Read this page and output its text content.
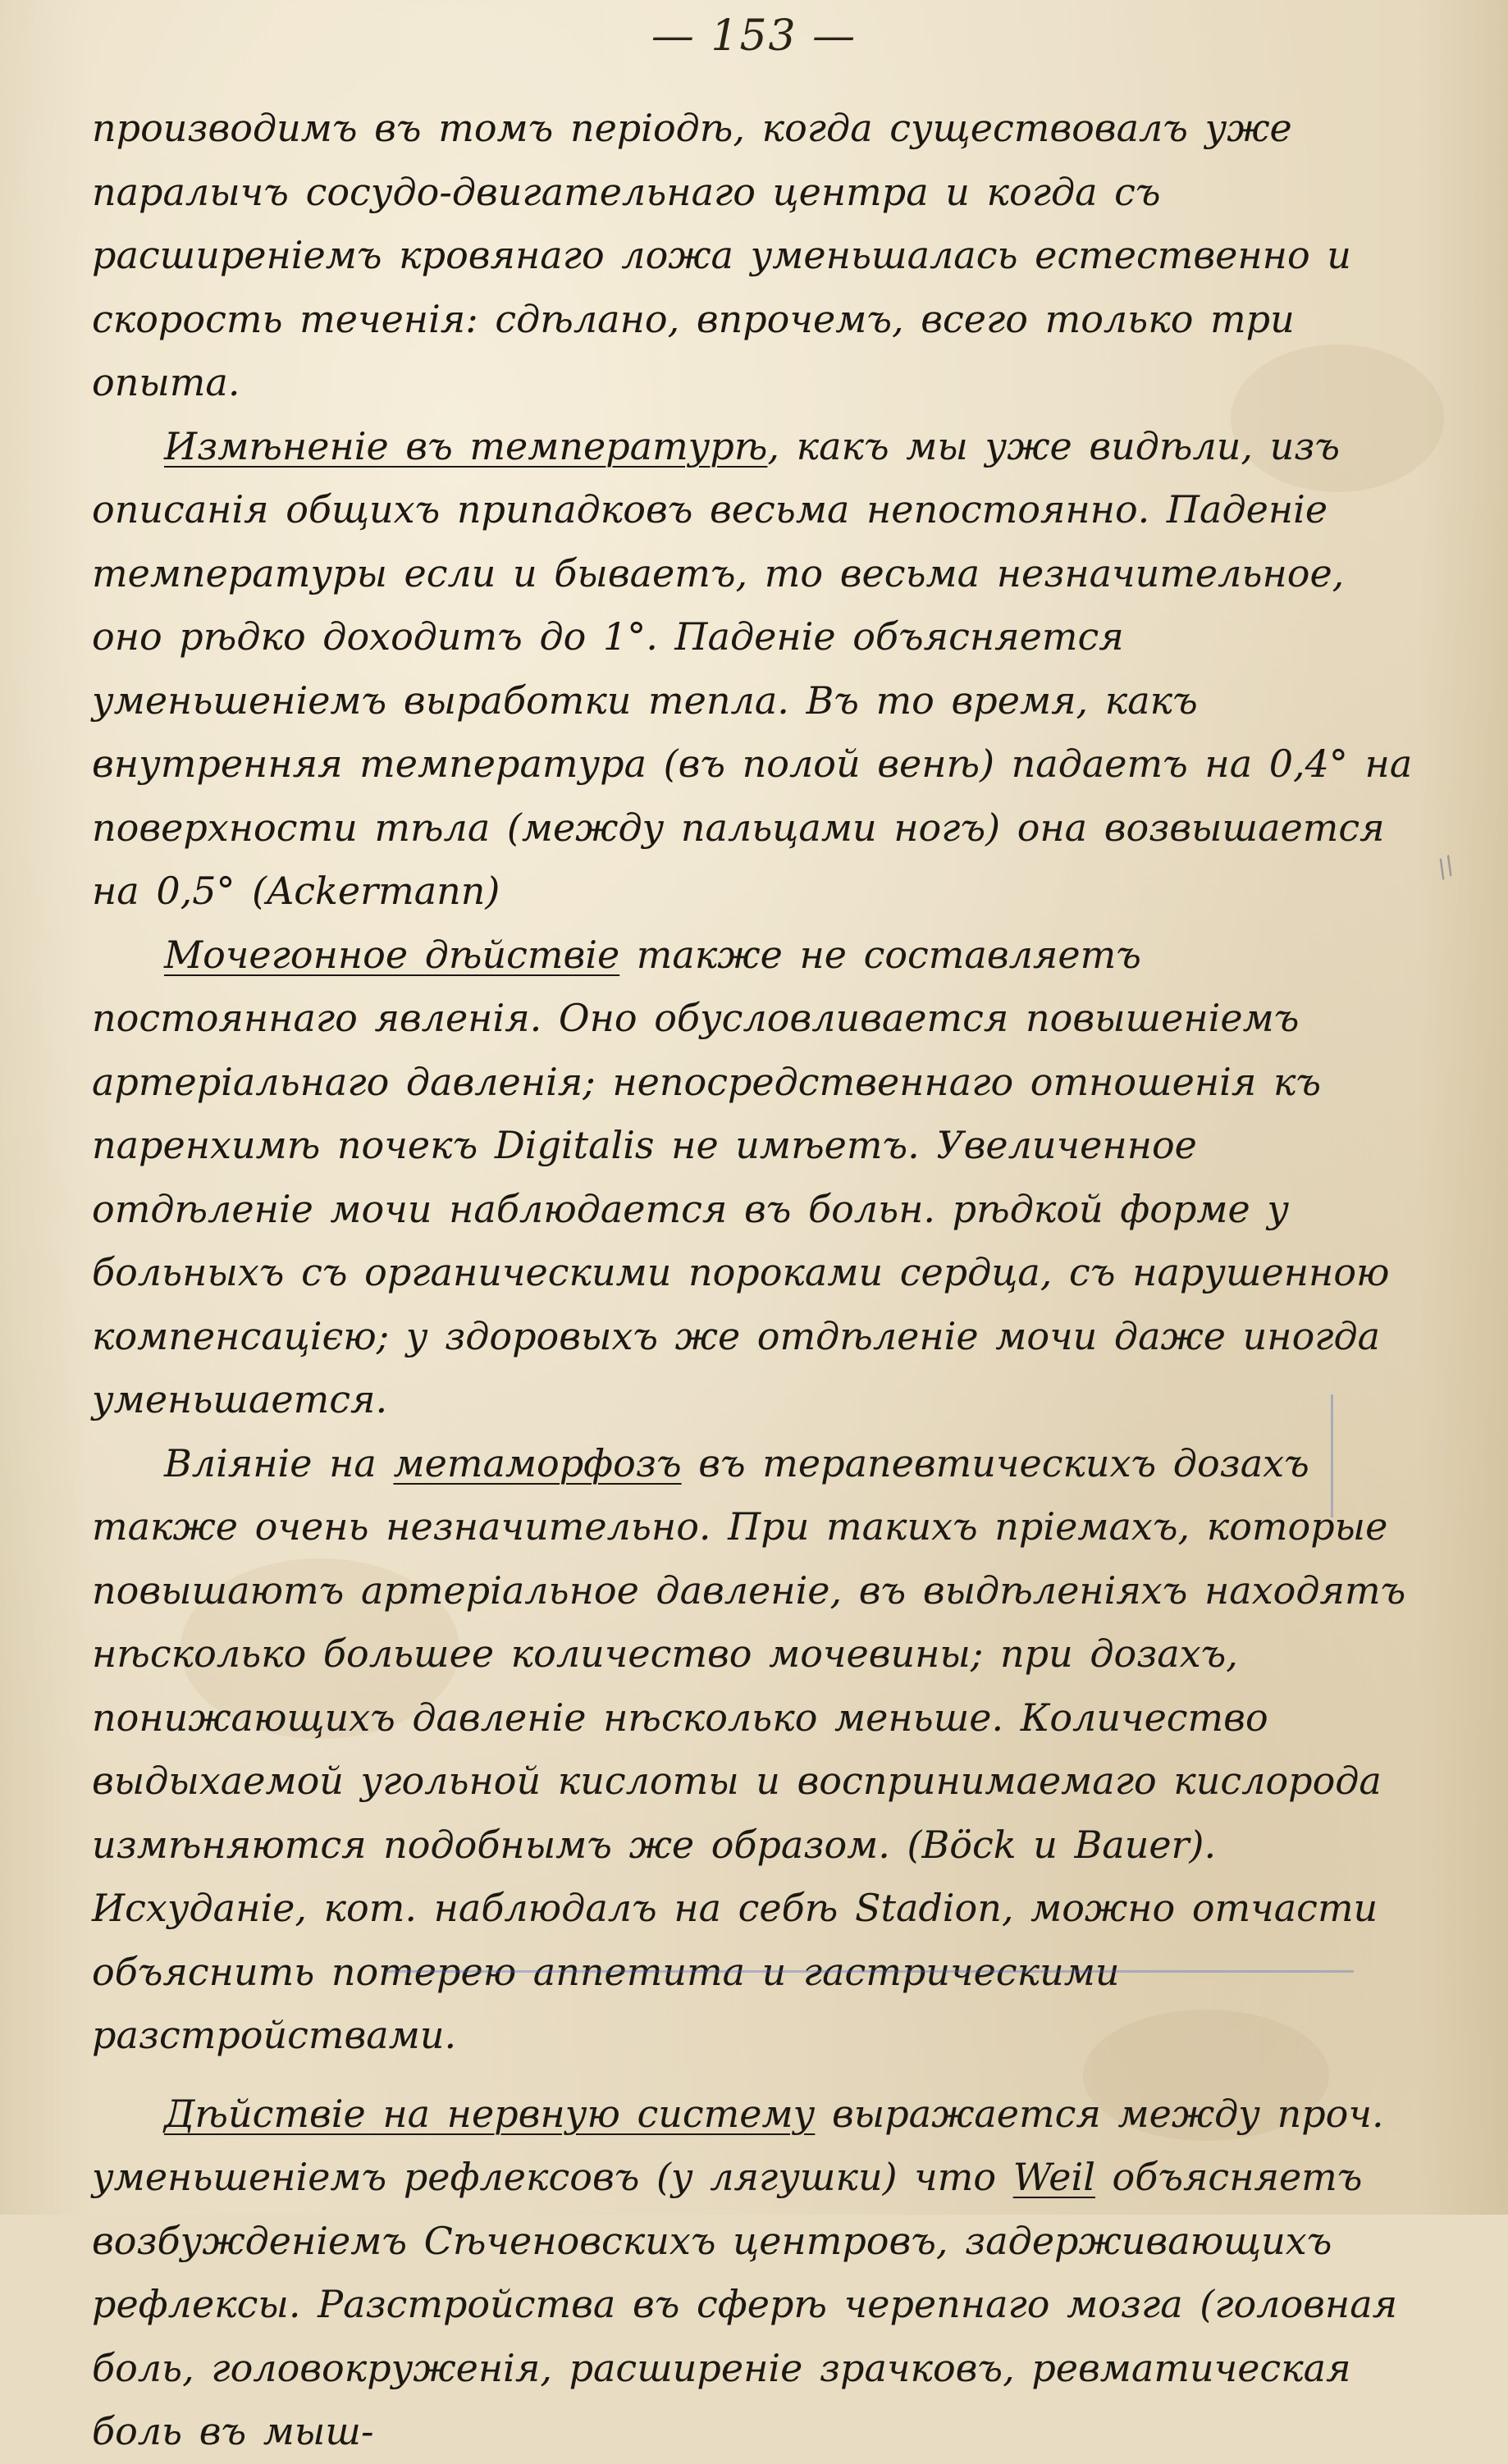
— 153 —

производимъ въ томъ періодѣ, когда существовалъ уже паралычъ сосудо-двигательнаго центра и когда съ расширеніемъ кровянаго ложа уменьшалась естественно и скорость теченія: сдѣлано, впрочемъ, всего только три опыта.

Измѣненіе въ температурѣ, какъ мы уже видѣли, изъ описанія общихъ припадковъ весьма непостоянно. Паденіе температуры если и бываетъ, то весьма незначительное, оно рѣдко доходитъ до 1°. Паденіе объясняется уменьшеніемъ выработки тепла. Въ то время, какъ внутренняя температура (въ полой венѣ) падаетъ на 0,4° на поверхности тѣла (между пальцами ногъ) она возвышается на 0,5° (Ackermann)

Мочегонное дѣйствіе также не составляетъ постояннаго явленія. Оно обусловливается повышеніемъ артеріальнаго давленія; непосредственнаго отношенія къ паренхимѣ почекъ Digitalis не имѣетъ. Увеличенное отдѣленіе мочи наблюдается въ больн. рѣдкой форме у больныхъ съ органическими пороками сердца, съ нарушенною компенсацією; у здоровыхъ же отдѣленіе мочи даже иногда уменьшается.

Вліяніе на метаморфозъ въ терапевтическихъ дозахъ также очень незначительно. При такихъ пріемахъ, которые повышаютъ артеріальное давленіе, въ выдѣленіяхъ находятъ нѣсколько большее количество мочевины; при дозахъ, понижающихъ давленіе нѣсколько меньше. Количество выдыхаемой угольной кислоты и воспринимаемаго кислорода измѣняются подобнымъ же образом. (Böck и Bauer). Исхуданіе, кот. наблюдалъ на себѣ Stadion, можно отчасти объяснить потерею аппетита и гастрическими разстройствами.

Дѣйствіе на нервную систему выражается между проч. уменьшеніемъ рефлексовъ (у лягушки) что Weil объясняетъ возбужденіемъ Сѣченовскихъ центровъ, задерживающихъ рефлексы. Разстройства въ сферѣ черепнаго мозга (головная боль, головокруженія, расширеніе зрачковъ, ревматическая боль въ мыш-

∕∕
